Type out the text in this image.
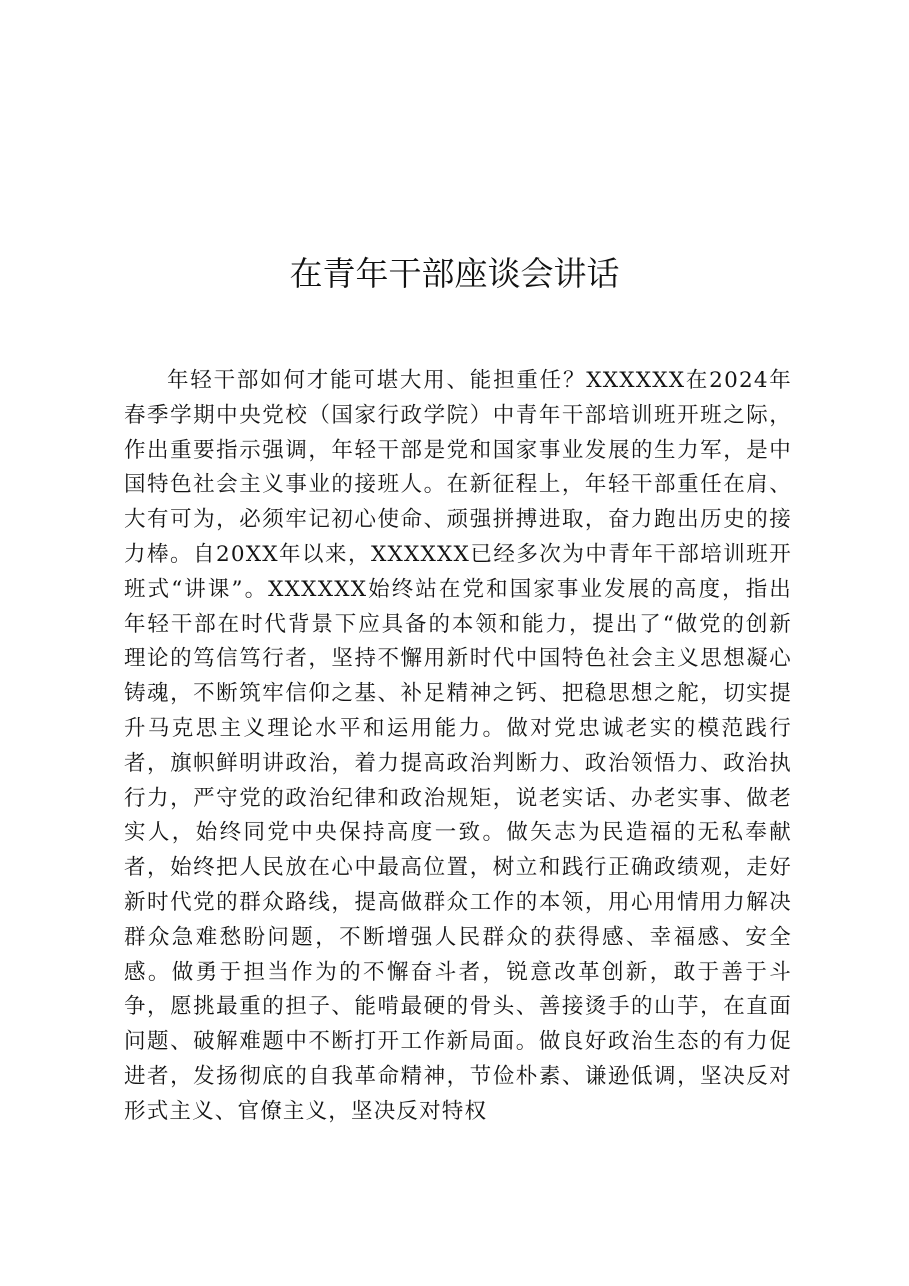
在青年干部座谈会讲话

年轻干部如何才能可堪大用、能担重任？XXXXXX在2024年春季学期中央党校（国家行政学院）中青年干部培训班开班之际，作出重要指示强调，年轻干部是党和国家事业发展的生力军，是中国特色社会主义事业的接班人。在新征程上，年轻干部重任在肩、大有可为，必须牢记初心使命、顽强拼搏进取，奋力跑出历史的接力棒。自20XX年以来，XXXXXX已经多次为中青年干部培训班开班式“讲课”。XXXXXX始终站在党和国家事业发展的高度，指出年轻干部在时代背景下应具备的本领和能力，提出了“做党的创新理论的笃信笃行者，坚持不懈用新时代中国特色社会主义思想凝心铸魂，不断筑牢信仰之基、补足精神之钙、把稳思想之舵，切实提升马克思主义理论水平和运用能力。做对党忠诚老实的模范践行者，旗帜鲜明讲政治，着力提高政治判断力、政治领悟力、政治执行力，严守党的政治纪律和政治规矩，说老实话、办老实事、做老实人，始终同党中央保持高度一致。做矢志为民造福的无私奉献者，始终把人民放在心中最高位置，树立和践行正确政绩观，走好新时代党的群众路线，提高做群众工作的本领，用心用情用力解决群众急难愁盼问题，不断增强人民群众的获得感、幸福感、安全感。做勇于担当作为的不懈奋斗者，锐意改革创新，敢于善于斗争，愿挑最重的担子、能啃最硬的骨头、善接烫手的山芋，在直面问题、破解难题中不断打开工作新局面。做良好政治生态的有力促进者，发扬彻底的自我革命精神，节俭朴素、谦逊低调，坚决反对形式主义、官僚主义，坚决反对特权
